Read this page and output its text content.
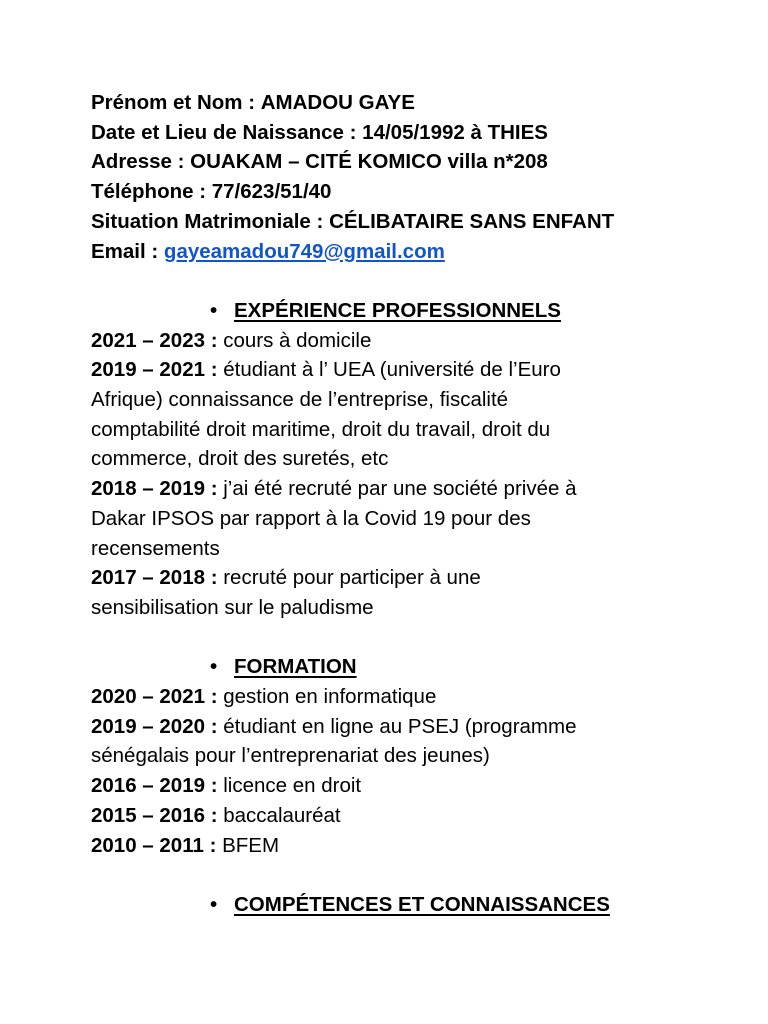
Prénom et Nom : AMADOU GAYE
Date et Lieu de Naissance : 14/05/1992 à THIES
Adresse : OUAKAM – CITÉ KOMICO villa n*208
Téléphone : 77/623/51/40
Situation Matrimoniale : CÉLIBATAIRE SANS ENFANT
Email : gayeamadou749@gmail.com
• EXPÉRIENCE PROFESSIONNELS
2021 – 2023 : cours à domicile
2019 – 2021 : étudiant à l’ UEA (université de l’Euro
Afrique) connaissance de l’entreprise, fiscalité
comptabilité droit maritime, droit du travail, droit du
commerce, droit des suretés, etc
2018 – 2019 : j’ai été recruté par une société privée à
Dakar IPSOS par rapport à la Covid 19 pour des
recensements
2017 – 2018 : recruté pour participer à une
sensibilisation sur le paludisme
• FORMATION
2020 – 2021 : gestion en informatique
2019 – 2020 : étudiant en ligne au PSEJ (programme
sénégalais pour l’entreprenariat des jeunes)
2016 – 2019 : licence en droit
2015 – 2016 : baccalauréat
2010 – 2011 : BFEM
• COMPÉTENCES ET CONNAISSANCES
